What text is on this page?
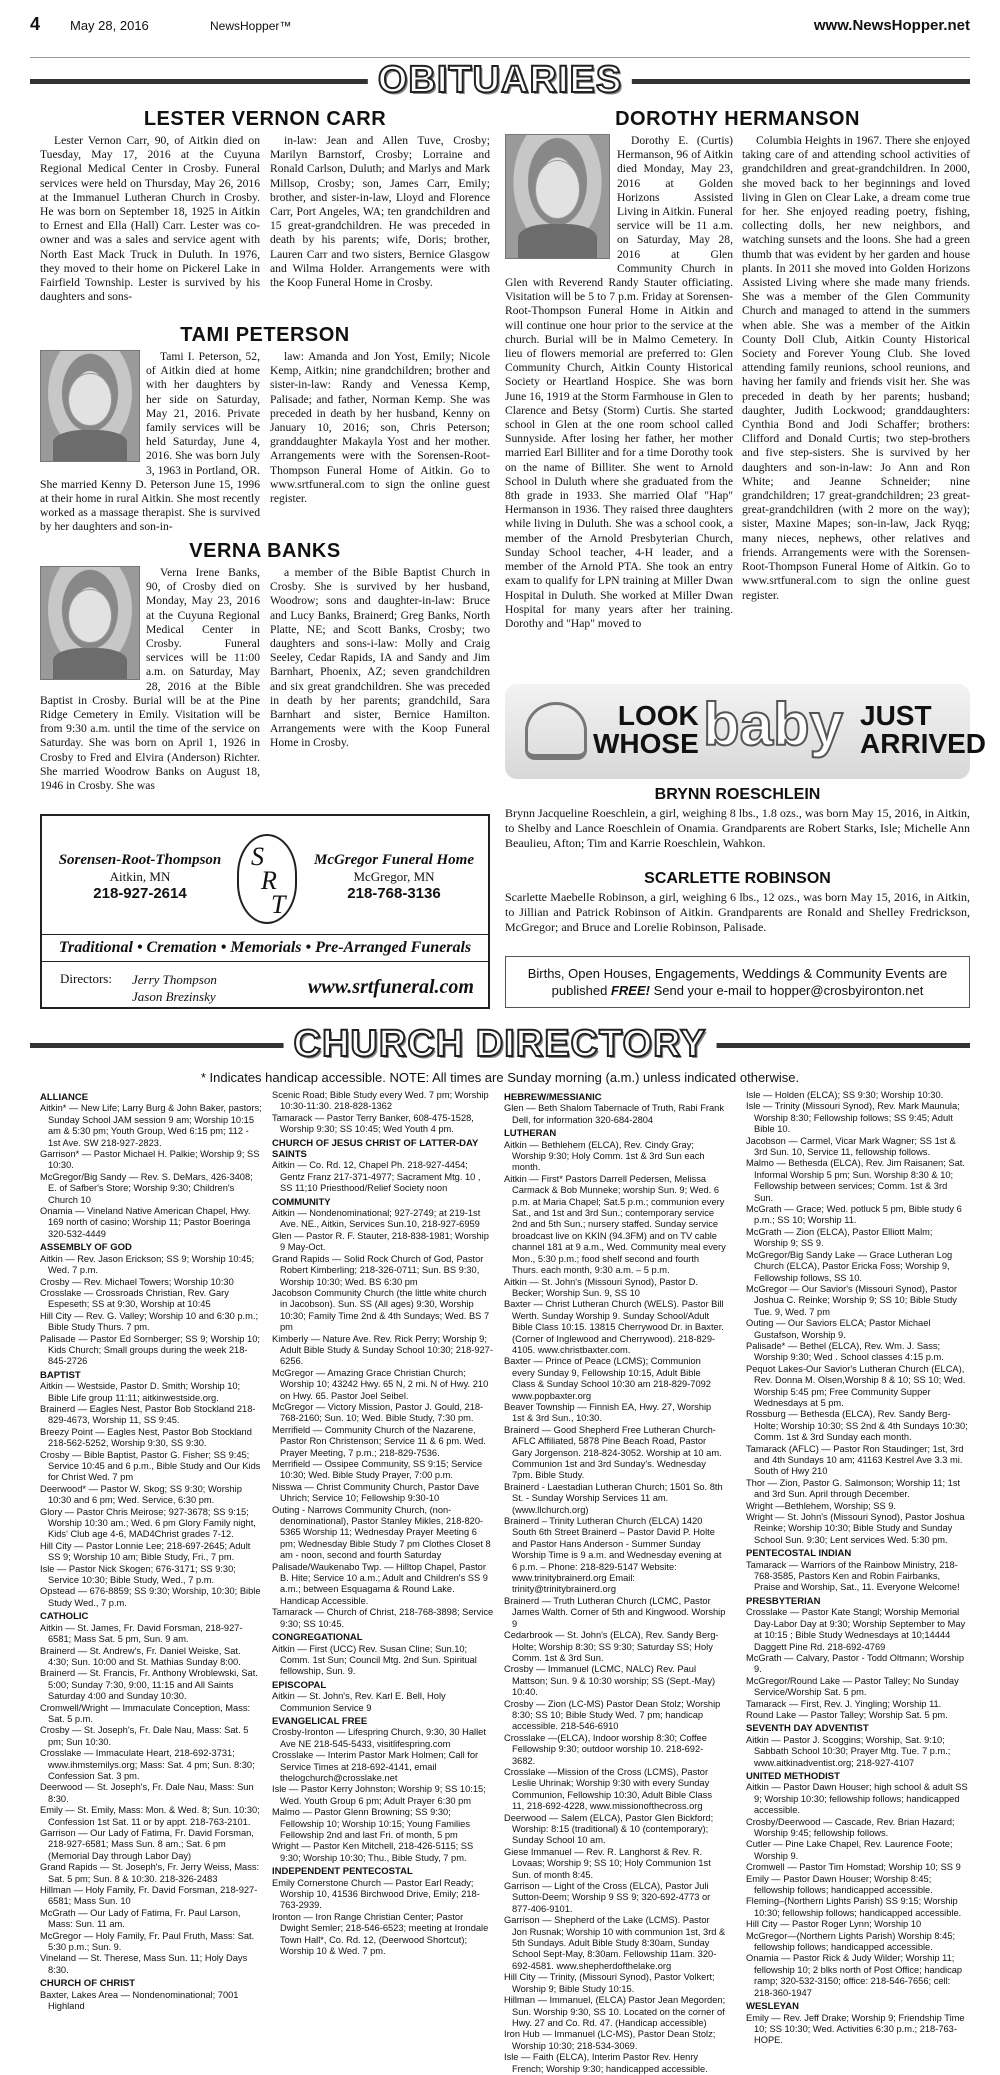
4	May 28, 2016	NewsHopper™	www.NewsHopper.net
OBITUARIES
LESTER VERNON CARR

Lester Vernon Carr, 90, of Aitkin died on Tuesday, May 17, 2016 at the Cuyuna Regional Medical Center in Crosby. Funeral services were held on Thursday, May 26, 2016 at the Immanuel Lutheran Church in Crosby. He was born on September 18, 1925 in Aitkin to Ernest and Ella (Hall) Carr. Lester was co-owner and was a sales and service agent with North East Mack Truck in Duluth. In 1976, they moved to their home on Pickerel Lake in Fairfield Township. Lester is survived by his daughters and sons-

in-law: Jean and Allen Tuve, Crosby; Marilyn Barnstorf, Crosby; Lorraine and Ronald Carlson, Duluth; and Marlys and Mark Millsop, Crosby; son, James Carr, Emily; brother, and sister-in-law, Lloyd and Florence Carr, Port Angeles, WA; ten grandchildren and 15 great-grandchildren. He was preceded in death by his parents; wife, Doris; brother, Lauren Carr and two sisters, Bernice Glasgow and Wilma Holder. Arrangements were with the Koop Funeral Home in Crosby.

TAMI PETERSON

Tami I. Peterson, 52, of Aitkin died at home with her daughters by her side on Saturday, May 21, 2016. Private family services will be held Saturday, June 4, 2016. She was born July 3, 1963 in Portland, OR. She married Kenny D. Peterson June 15, 1996 at their home in rural Aitkin. She most recently worked as a massage therapist. She is survived by her daughters and son-in-

law: Amanda and Jon Yost, Emily; Nicole Kemp, Aitkin; nine grandchildren; brother and sister-in-law: Randy and Venessa Kemp, Palisade; and father, Norman Kemp. She was preceded in death by her husband, Kenny on January 10, 2016; son, Chris Peterson; granddaughter Makayla Yost and her mother. Arrangements were with the Sorensen-Root-Thompson Funeral Home of Aitkin. Go to www.srtfuneral.com to sign the online guest register.

VERNA BANKS

Verna Irene Banks, 90, of Crosby died on Monday, May 23, 2016 at the Cuyuna Regional Medical Center in Crosby. Funeral services will be 11:00 a.m. on Saturday, May 28, 2016 at the Bible Baptist in Crosby. Burial will be at the Pine Ridge Cemetery in Emily. Visitation will be from 9:30 a.m. until the time of the service on Saturday. She was born on April 1, 1926 in Crosby to Fred and Elvira (Anderson) Richter. She married Woodrow Banks on August 18, 1946 in Crosby. She was

a member of the Bible Baptist Church in Crosby. She is survived by her husband, Woodrow; sons and daughter-in-law: Bruce and Lucy Banks, Brainerd; Greg Banks, North Platte, NE; and Scott Banks, Crosby; two daughters and sons-i-law: Molly and Craig Seeley, Cedar Rapids, IA and Sandy and Jim Barnhart, Phoenix, AZ; seven grandchildren and six great grandchildren. She was preceded in death by her parents; grandchild, Sara Barnhart and sister, Bernice Hamilton. Arrangements were with the Koop Funeral Home in Crosby.

DOROTHY HERMANSON

Dorothy E. (Curtis) Hermanson, 96 of Aitkin died Monday, May 23, 2016 at Golden Horizons Assisted Living in Aitkin. Funeral service will be 11 a.m. on Saturday, May 28, 2016 at Glen Community Church in Glen with Reverend Randy Stauter officiating. Visitation will be 5 to 7 p.m. Friday at Sorensen-Root-Thompson Funeral Home in Aitkin and will continue one hour prior to the service at the church. Burial will be in Malmo Cemetery. In lieu of flowers memorial are preferred to: Glen Community Church, Aitkin County Historical Society or Heartland Hospice. She was born June 16, 1919 at the Storm Farmhouse in Glen to Clarence and Betsy (Storm) Curtis. She started school in Glen at the one room school called Sunnyside. After losing her father, her mother married Earl Billiter and for a time Dorothy took on the name of Billiter. She went to Arnold School in Duluth where she graduated from the 8th grade in 1933. She married Olaf "Hap" Hermanson in 1936. They raised three daughters while living in Duluth. She was a school cook, a member of the Arnold Presbyterian Church, Sunday School teacher, 4-H leader, and a member of the Arnold PTA. She took an entry exam to qualify for LPN training at Miller Dwan Hospital in Duluth. She worked at Miller Dwan Hospital for many years after her training. Dorothy and "Hap" moved to

Columbia Heights in 1967. There she enjoyed taking care of and attending school activities of grandchildren and great-grandchildren. In 2000, she moved back to her beginnings and loved living in Glen on Clear Lake, a dream come true for her. She enjoyed reading poetry, fishing, collecting dolls, her new neighbors, and watching sunsets and the loons. She had a green thumb that was evident by her garden and house plants. In 2011 she moved into Golden Horizons Assisted Living where she made many friends. She was a member of the Glen Community Church and managed to attend in the summers when able. She was a member of the Aitkin County Doll Club, Aitkin County Historical Society and Forever Young Club. She loved attending family reunions, school reunions, and having her family and friends visit her. She was preceded in death by her parents; husband; daughter, Judith Lockwood; granddaughters: Cynthia Bond and Jodi Schaffer; brothers: Clifford and Donald Curtis; two step-brothers and five step-sisters. She is survived by her daughters and son-in-law: Jo Ann and Ron White; and Jeanne Schneider; nine grandchildren; 17 great-grandchildren; 23 great-great-grandchildren (with 2 more on the way); sister, Maxine Mapes; son-in-law, Jack Ryqg; many nieces, nephews, other relatives and friends. Arrangements were with the Sorensen-Root-Thompson Funeral Home of Aitkin. Go to www.srtfuneral.com to sign the online guest register.

Sorensen-Root-Thompson
Aitkin, MN
218-927-2614
S
R
T
McGregor Funeral Home
McGregor, MN
218-768-3136
Traditional • Cremation • Memorials • Pre-Arranged Funerals
Directors: Jerry Thompson
Jason Brezinsky	www.srtfuneral.com
LOOK
WHOSE baby JUST
ARRIVED
BRYNN ROESCHLEIN
Brynn Jacqueline Roeschlein, a girl, weighing 8 lbs., 1.8 ozs., was born May 15, 2016, in Aitkin, to Shelby and Lance Roeschlein of Onamia. Grandparents are Robert Starks, Isle; Michelle Ann Beaulieu, Afton; Tim and Karrie Roeschlein, Wahkon.
SCARLETTE ROBINSON
Scarlette Maebelle Robinson, a girl, weighing 6 lbs., 12 ozs., was born May 15, 2016, in Aitkin, to Jillian and Patrick Robinson of Aitkin. Grandparents are Ronald and Shelley Fredrickson, McGregor; and Bruce and Lorelie Robinson, Palisade.
Births, Open Houses, Engagements, Weddings & Community Events are published FREE! Send your e-mail to hopper@crosbyironton.net
CHURCH DIRECTORY
* Indicates handicap accessible. NOTE: All times are Sunday morning (a.m.) unless indicated otherwise.
ALLIANCE
Aitkin* — New Life; Larry Burg & John Baker, pastors; Sunday School JAM session 9 am; Worship 10:15 am & 5:30 pm; Youth Group, Wed 6:15 pm; 112 - 1st Ave. SW 218-927-2823.
Garrison* — Pastor Michael H. Palkie; Worship 9; SS 10:30.
McGregor/Big Sandy — Rev. S. DeMars, 426-3408; E. of Safber's Store; Worship 9:30; Children's Church 10
Onamia — Vineland Native American Chapel, Hwy. 169 north of casino; Worship 11; Pastor Boeringa 320-532-4449
ASSEMBLY OF GOD
Aitkin — Rev. Jason Erickson; SS 9; Worship 10:45; Wed. 7 p.m.
Crosby — Rev. Michael Towers; Worship 10:30
Crosslake — Crossroads Christian, Rev. Gary Espeseth; SS at 9:30, Worship at 10:45
Hill City — Rev. G. Valley; Worship 10 and 6:30 p.m.; Bible Study Thurs. 7 pm.
Palisade — Pastor Ed Sornberger; SS 9; Worship 10; Kids Church; Small groups during the week 218-845-2726
BAPTIST
Aitkin — Westside, Pastor D. Smith; Worship 10; Bible Life group 11:11; aitkinwestside.org.
Brainerd — Eagles Nest, Pastor Bob Stockland 218-829-4673, Worship 11, SS 9:45.
Breezy Point — Eagles Nest, Pastor Bob Stockland 218-562-5252, Worship 9:30, SS 9:30.
Crosby — Bible Baptist, Pastor G. Fisher; SS 9:45; Service 10:45 and 6 p.m., Bible Study and Our Kids for Christ Wed. 7 pm
Deerwood* — Pastor W. Skog; SS 9:30; Worship 10:30 and 6 pm; Wed. Service, 6:30 pm.
Glory — Pastor Chris Meirose; 927-3678; SS 9:15; Worship 10:30 am.; Wed. 6 pm Glory Family night, Kids' Club age 4-6, MAD4Christ grades 7-12.
Hill City — Pastor Lonnie Lee; 218-697-2645; Adult SS 9; Worship 10 am; Bible Study, Fri., 7 pm.
Isle — Pastor Nick Skogen; 676-3171; SS 9:30; Service 10:30; Bible Study, Wed., 7 p.m.
Opstead — 676-8859; SS 9:30; Worship, 10:30; Bible Study Wed., 7 p.m.
CATHOLIC
Aitkin — St. James, Fr. David Forsman, 218-927-6581; Mass Sat. 5 pm, Sun. 9 am.
Brainerd — St. Andrew's, Fr. Daniel Weiske, Sat. 4:30; Sun. 10:00 and St. Mathias Sunday 8:00.
Brainerd — St. Francis, Fr. Anthony Wroblewski, Sat. 5:00; Sunday 7:30, 9:00, 11:15 and All Saints Saturday 4:00 and Sunday 10:30.
Cromwell/Wright — Immaculate Conception, Mass: Sat. 5 p.m.
Crosby — St. Joseph's, Fr. Dale Nau, Mass: Sat. 5 pm; Sun 10:30.
Crosslake — Immaculate Heart, 218-692-3731; www.ihmstemilys.org; Mass: Sat. 4 pm; Sun. 8:30; Confession Sat. 3 pm.
Deerwood — St. Joseph's, Fr. Dale Nau, Mass: Sun 8:30.
Emily — St. Emily, Mass: Mon. & Wed. 8; Sun. 10:30; Confession 1st Sat. 11 or by appt. 218-763-2101.
Garrison — Our Lady of Fatima, Fr. David Forsman, 218-927-6581; Mass Sun. 8 am.; Sat. 6 pm (Memorial Day through Labor Day)
Grand Rapids — St. Joseph's, Fr. Jerry Weiss, Mass: Sat. 5 pm; Sun. 8 & 10:30. 218-326-2483
Hillman — Holy Family, Fr. David Forsman, 218-927-6581; Mass Sun. 10
McGrath — Our Lady of Fatima, Fr. Paul Larson, Mass: Sun. 11 am.
McGregor — Holy Family, Fr. Paul Fruth, Mass: Sat. 5:30 p.m.; Sun. 9.
Vineland — St. Therese, Mass Sun. 11; Holy Days 8:30.
CHURCH OF CHRIST
Baxter, Lakes Area — Nondenominational; 7001 Highland
Scenic Road; Bible Study every Wed. 7 pm; Worship 10:30-11:30. 218-828-1362
Tamarack — Pastor Terry Banker, 608-475-1528, Worship 9:30; SS 10:45; Wed Youth 4 pm.
CHURCH OF JESUS CHRIST OF LATTER-DAY SAINTS
Aitkin — Co. Rd. 12, Chapel Ph. 218-927-4454; Gentz Franz 217-371-4977; Sacrament Mtg. 10 , SS 11;10 Priesthood/Relief Society noon
COMMUNITY
Aitkin — Nondenominational; 927-2749; at 219-1st Ave. NE., Aitkin, Services Sun.10, 218-927-6959
Glen — Pastor R. F. Stauter, 218-838-1981; Worship 9 May-Oct.
Grand Rapids — Solid Rock Church of God, Pastor Robert Kimberling; 218-326-0711; Sun. BS 9:30, Worship 10:30; Wed. BS 6:30 pm
Jacobson Community Church (the little white church in Jacobson). Sun. SS (All ages) 9:30, Worship 10:30; Family Time 2nd & 4th Sundays; Wed. BS 7 pm
Kimberly — Nature Ave. Rev. Rick Perry; Worship 9; Adult Bible Study & Sunday School 10:30; 218-927-6256.
McGregor — Amazing Grace Christian Church; Worship 10; 43242 Hwy. 65 N, 2 mi. N of Hwy. 210 on Hwy. 65. Pastor Joel Seibel.
McGregor — Victory Mission, Pastor J. Gould, 218-768-2160; Sun. 10; Wed. Bible Study, 7:30 pm.
Merrifield — Community Church of the Nazarene, Pastor Ron Christenson; Service 11 & 6 pm. Wed. Prayer Meeting, 7 p.m.; 218-829-7536.
Merrifield — Ossipee Community, SS 9:15; Service 10:30; Wed. Bible Study Prayer, 7:00 p.m.
Nisswa — Christ Community Church, Pastor Dave Uhrich; Service 10; Fellowship 9:30-10
Outing - Narrows Community Church, (non-denominational), Pastor Stanley Mikles, 218-820-5365 Worship 11; Wednesday Prayer Meeting 6 pm; Wednesday Bible Study 7 pm Clothes Closet 8 am - noon, second and fourth Saturday
Palisade/Waukenabo Twp. — Hilltop Chapel, Pastor B. Hite; Service 10 a.m.; Adult and Children's SS 9 a.m.; between Esquagama & Round Lake. Handicap Accessible.
Tamarack — Church of Christ, 218-768-3898; Service 9:30; SS 10:45.
CONGREGATIONAL
Aitkin — First (UCC) Rev. Susan Cline; Sun.10; Comm. 1st Sun; Council Mtg. 2nd Sun. Spiritual fellowship, Sun. 9.
EPISCOPAL
Aitkin — St. John's, Rev. Karl E. Bell, Holy Communion Service 9
EVANGELICAL FREE
Crosby-Ironton — Lifespring Church, 9:30, 30 Hallet Ave NE 218-545-5433, visitlifespring.com
Crosslake — Interim Pastor Mark Holmen; Call for Service Times at 218-692-4141, email thelogchurch@crosslake.net
Isle — Pastor Kerry Johnston; Worship 9; SS 10:15; Wed. Youth Group 6 pm; Adult Prayer 6:30 pm
Malmo — Pastor Glenn Browning; SS 9:30; Fellowship 10; Worship 10:15; Young Families Fellowship 2nd and last Fri. of month, 5 pm
Wright — Pastor Ken Mitchell, 218-426-5115; SS 9:30; Worship 10:30; Thu., Bible Study, 7 pm.
INDEPENDENT PENTECOSTAL
Emily Cornerstone Church — Pastor Earl Ready; Worship 10, 41536 Birchwood Drive, Emily; 218-763-2939.
Ironton — Iron Range Christian Center; Pastor Dwight Semler; 218-546-6523; meeting at Irondale Town Hall*, Co. Rd. 12, (Deerwood Shortcut); Worship 10 & Wed. 7 pm.
HEBREW/MESSIANIC
Glen — Beth Shalom Tabernacle of Truth, Rabi Frank Dell, for information 320-684-2804
LUTHERAN
Aitkin — Bethlehem (ELCA), Rev. Cindy Gray; Worship 9:30; Holy Comm. 1st & 3rd Sun each month.
Aitkin — First* Pastors Darrell Pedersen, Melissa Carmack & Bob Munneke; worship Sun. 9; Wed. 6 p.m. at Maria Chapel; Sat.5 p.m.; communion every Sat., and 1st and 3rd Sun.; contemporary service 2nd and 5th Sun.; nursery staffed. Sunday service broadcast live on KKIN (94.3FM) and on TV cable channel 181 at 9 a.m., Wed. Community meal every Mon., 5:30 p.m.; food shelf second and fourth Thurs. each month, 9:30 a.m. – 5 p.m.
Aitkin — St. John's (Missouri Synod), Pastor D. Becker; Worship Sun. 9, SS 10
Baxter — Christ Lutheran Church (WELS). Pastor Bill Werth. Sunday Worship 9. Sunday School/Adult Bible Class 10:15. 13815 Cherrywood Dr. in Baxter. (Corner of Inglewood and Cherrywood). 218-829-4105. www.christbaxter.com.
Baxter — Prince of Peace (LCMS); Communion every Sunday 9, Fellowship 10:15, Adult Bible Class & Sunday School 10:30 am 218-829-7092 www.popbaxter.org
Beaver Township — Finnish EA, Hwy. 27, Worship 1st & 3rd Sun., 10:30.
Brainerd — Good Shepherd Free Lutheran Church- AFLC Affiliated, 5878 Pine Beach Road, Pastor Gary Jorgenson. 218-824-3052. Worship at 10 am. Communion 1st and 3rd Sunday's. Wednesday 7pm. Bible Study.
Brainerd - Laestadian Lutheran Church; 1501 So. 8th St. - Sunday Worship Services 11 am. (www.llchurch.org)
Brainerd – Trinity Lutheran Church (ELCA) 1420 South 6th Street Brainerd – Pastor David P. Holte and Pastor Hans Anderson - Summer Sunday Worship Time is 9 a.m. and Wednesday evening at 6 p.m. – Phone: 218-829-5147 Website: www.trinitybrainerd.org Email: trinity@trinitybrainerd.org
Brainerd — Truth Lutheran Church (LCMC, Pastor James Walth. Corner of 5th and Kingwood. Worship 9
Cedarbrook — St. John's (ELCA), Rev. Sandy Berg-Holte; Worship 8:30; SS 9:30; Saturday SS; Holy Comm. 1st & 3rd Sun.
Crosby — Immanuel (LCMC, NALC) Rev. Paul Mattson; Sun. 9 & 10:30 worship; SS (Sept.-May) 10:40.
Crosby — Zion (LC-MS) Pastor Dean Stolz; Worship 8:30; SS 10; Bible Study Wed. 7 pm; handicap accessible. 218-546-6910
Crosslake —(ELCA), Indoor worship 8:30; Coffee Fellowship 9:30; outdoor worship 10. 218-692-3682.
Crosslake —Mission of the Cross (LCMS), Pastor Leslie Uhrinak; Worship 9:30 with every Sunday Communion, Fellowship 10:30, Adult Bible Class 11, 218-692-4228, www.missionofthecross.org
Deerwood — Salem (ELCA), Pastor Glen Bickford; Worship: 8:15 (traditional) & 10 (contemporary); Sunday School 10 am.
Giese Immanuel — Rev. R. Langhorst & Rev. R. Lovaas; Worship 9; SS 10; Holy Communion 1st Sun. of month 8:45.
Garrison — Light of the Cross (ELCA), Pastor Juli Sutton-Deem; Worship 9 SS 9; 320-692-4773 or 877-406-9101.
Garrison — Shepherd of the Lake (LCMS). Pastor Jon Rusnak; Worship 10 with communion 1st, 3rd & 5th Sundays. Adult Bible Study 8:30am, Sunday School Sept-May, 8:30am. Fellowship 11am. 320-692-4581. www.shepherdofthelake.org
Hill City — Trinity, (Missouri Synod), Pastor Volkert; Worship 9; Bible Study 10:15.
Hillman — Immanuel, (ELCA) Pastor Jean Megorden; Sun. Worship 9:30, SS 10. Located on the corner of Hwy. 27 and Co. Rd. 47. (Handicap accessible)
Iron Hub — Immanuel (LC-MS), Pastor Dean Stolz; Worship 10:30; 218-534-3069.
Isle — Faith (ELCA), Interim Pastor Rev. Henry French; Worship 9:30; handicapped accessible.
Isle — Holden (ELCA); SS 9:30; Worship 10:30.
Isle — Trinity (Missouri Synod), Rev. Mark Maunula; Worship 8:30; Fellowship follows; SS 9:45; Adult Bible 10.
Jacobson — Carmel, Vicar Mark Wagner; SS 1st & 3rd Sun. 10, Service 11, fellowship follows.
Malmo — Bethesda (ELCA), Rev. Jim Raisanen; Sat. Informal Worship 5 pm; Sun. Worship 8:30 & 10; Fellowship between services; Comm. 1st & 3rd Sun.
McGrath — Grace; Wed. potluck 5 pm, Bible study 6 p.m.; SS 10; Worship 11.
McGrath — Zion (ELCA), Pastor Elliott Malm; Worship 9; SS 9.
McGregor/Big Sandy Lake — Grace Lutheran Log Church (ELCA), Pastor Ericka Foss; Worship 9, Fellowship follows, SS 10.
McGregor — Our Savior's (Missouri Synod), Pastor Joshua C. Reinke; Worship 9; SS 10; Bible Study Tue. 9, Wed. 7 pm
Outing — Our Saviors ELCA; Pastor Michael Gustafson, Worship 9.
Palisade* — Bethel (ELCA), Rev. Wm. J. Sass; Worship 9:30; Wed . School classes 4:15 p.m.
Pequot Lakes-Our Savior's Lutheran Church (ELCA), Rev. Donna M. Olsen,Worship 8 & 10; SS 10; Wed. Worship 5:45 pm; Free Community Supper Wednesdays at 5 pm.
Rossburg — Bethesda (ELCA), Rev. Sandy Berg-Holte; Worship 10:30; SS 2nd & 4th Sundays 10:30; Comm. 1st & 3rd Sunday each month.
Tamarack (AFLC) — Pastor Ron Staudinger; 1st, 3rd and 4th Sundays 10 am; 41163 Kestrel Ave 3.3 mi. South of Hwy 210
Thor — Zion, Pastor G. Salmonson; Worship 11; 1st and 3rd Sun. April through December.
Wright —Bethlehem, Worship; SS 9.
Wright — St. John's (Missouri Synod), Pastor Joshua Reinke; Worship 10:30; Bible Study and Sunday School Sun. 9:30; Lent services Wed. 5:30 pm.
PENTECOSTAL INDIAN
Tamarack — Warriors of the Rainbow Ministry, 218-768-3585, Pastors Ken and Robin Fairbanks, Praise and Worship, Sat., 11. Everyone Welcome!
PRESBYTERIAN
Crosslake — Pastor Kate Stangl; Worship Memorial Day-Labor Day at 9:30; Worship September to May at 10:15 ; Bible Study Wednesdays at 10;14444 Daggett Pine Rd. 218-692-4769
McGrath — Calvary, Pastor - Todd Oltmann; Worship 9.
McGregor/Round Lake — Pastor Talley; No Sunday Service/Worship Sat. 5 pm.
Tamarack — First, Rev. J. Yingling; Worship 11.
Round Lake — Pastor Talley; Worship Sat. 5 pm.
SEVENTH DAY ADVENTIST
Aitkin — Pastor J. Scoggins; Worship, Sat. 9:10; Sabbath School 10:30; Prayer Mtg. Tue. 7 p.m.; www.aitkinadventist.org; 218-927-4107
UNITED METHODIST
Aitkin — Pastor Dawn Houser; high school & adult SS 9; Worship 10:30; fellowship follows; handicapped accessible.
Crosby/Deerwood — Cascade, Rev. Brian Hazard; Worship 9:45; fellowship follows.
Cutler — Pine Lake Chapel, Rev. Laurence Foote; Worship 9.
Cromwell — Pastor Tim Homstad; Worship 10; SS 9
Emily — Pastor Dawn Houser; Worship 8:45; fellowship follows; handicapped accessible.
Fleming–(Northern Lights Parish) SS 9:15; Worship 10:30; fellowship follows; handicapped accessible.
Hill City — Pastor Roger Lynn; Worship 10
McGregor—(Northern Lights Parish) Worship 8:45; fellowship follows; handicapped accessible.
Onamia — Pastor Rick & Judy Wilder; Worship 11; fellowship 10; 2 blks north of Post Office; handicap ramp; 320-532-3150; office: 218-546-7656; cell: 218-360-1947
WESLEYAN
Emily — Rev. Jeff Drake; Worship 9; Friendship Time 10; SS 10:30; Wed. Activities 6:30 p.m.; 218-763-HOPE.
